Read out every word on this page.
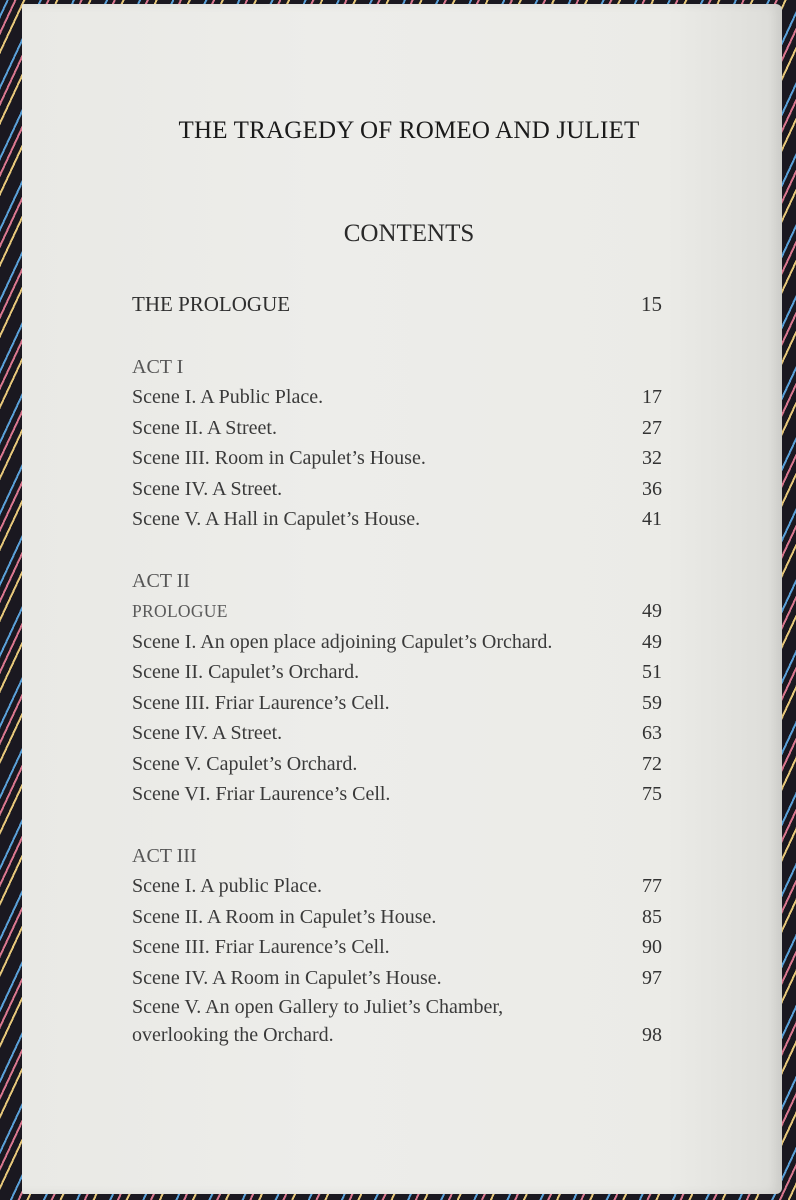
THE TRAGEDY OF ROMEO AND JULIET
CONTENTS
THE PROLOGUE	15
ACT I
Scene I. A Public Place.	17
Scene II. A Street.	27
Scene III. Room in Capulet’s House.	32
Scene IV. A Street.	36
Scene V. A Hall in Capulet’s House.	41
ACT II
PROLOGUE	49
Scene I. An open place adjoining Capulet’s Orchard.	49
Scene II. Capulet’s Orchard.	51
Scene III. Friar Laurence’s Cell.	59
Scene IV. A Street.	63
Scene V. Capulet’s Orchard.	72
Scene VI. Friar Laurence’s Cell.	75
ACT III
Scene I. A public Place.	77
Scene II. A Room in Capulet’s House.	85
Scene III. Friar Laurence’s Cell.	90
Scene IV. A Room in Capulet’s House.	97
Scene V. An open Gallery to Juliet’s Chamber, overlooking the Orchard.	98
